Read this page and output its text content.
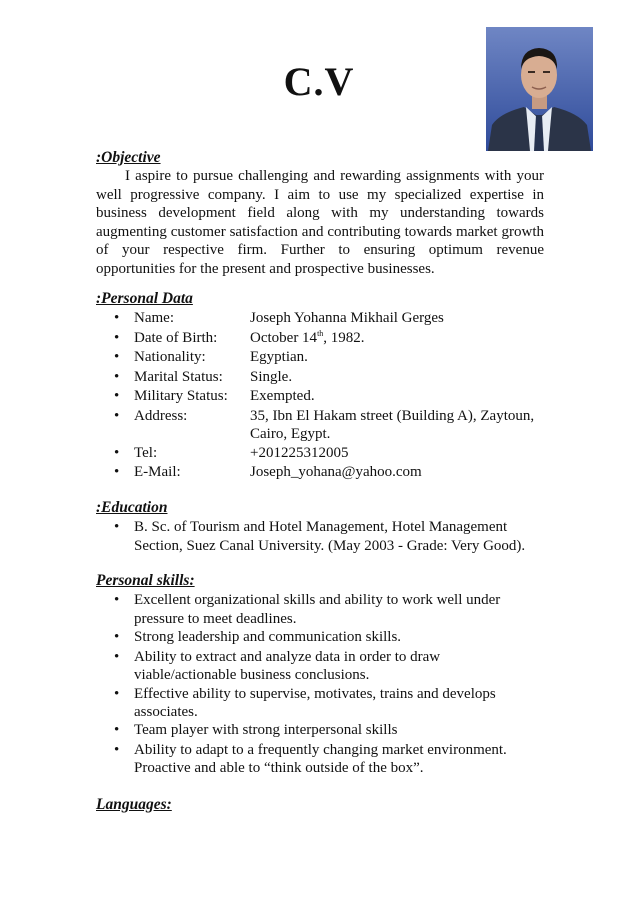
C.V
:Objective

I aspire to pursue challenging and rewarding assignments with your well progressive company. I aim to use my specialized expertise in business development field along with my understanding towards augmenting customer satisfaction and contributing towards market growth of your respective firm. Further to ensuring optimum revenue opportunities for the present and prospective businesses.

:Personal Data
• Name:	Joseph Yohanna Mikhail Gerges
• Date of Birth: October 14th, 1982.
• Nationality:	Egyptian.
• Marital Status: Single.
• Military Status: Exempted.
• Address:	35, Ibn El Hakam street (Building A), Zaytoun,
Cairo, Egypt.
• Tel:	+201225312005
• E-Mail:	Joseph_yohana@yahoo.com
:Education
• B. Sc. of Tourism and Hotel Management, Hotel Management
Section, Suez Canal University. (May 2003 - Grade: Very Good).
Personal skills:
• Excellent organizational skills and ability to work well under
pressure to meet deadlines.
• Strong leadership and communication skills.
• Ability to extract and analyze data in order to draw
viable/actionable business conclusions.
• Effective ability to supervise, motivates, trains and develops
associates.
• Team player with strong interpersonal skills
• Ability to adapt to a frequently changing market environment.
Proactive and able to “think outside of the box”.
Languages:
